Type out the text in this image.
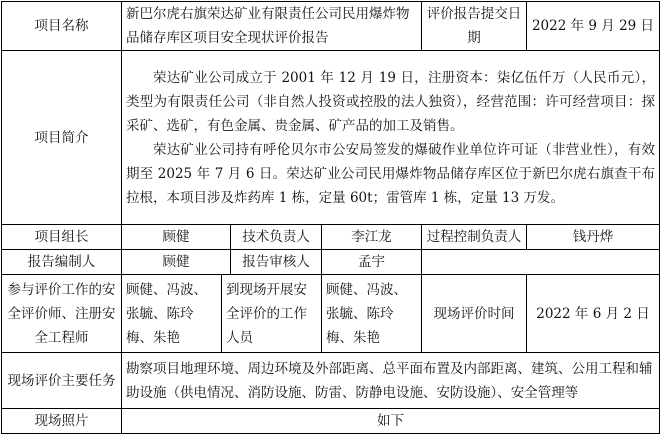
项目名称	新巴尔虎右旗荣达矿业有限责任公司民用爆炸物品储存库区项目安全现状评价报告				评价报告提交日期	2022 年 9 月 29 日
项目简介	荣达矿业公司成立于 2001 年 12 月 19 日，注册资本：柒亿伍仟万（人民币元），类型为有限责任公司（非自然人投资或控股的法人独资），经营范围：许可经营项目：探采矿、选矿，有色金属、贵金属、矿产品的加工及销售。

荣达矿业公司持有呼伦贝尔市公安局签发的爆破作业单位许可证（非营业性），有效期至 2025 年 7 月 6 日。荣达矿业公司民用爆炸物品储存库区位于新巴尔虎右旗查干布拉根，本项目涉及炸药库 1 栋，定量 60t；雷管库 1 栋，定量 13 万发。					

项目组长	顾健		技术负责人	李江龙	过程控制负责人	钱丹烨
报告编制人	顾健		报告审核人	孟宇		
参与评价工作的安全评价师、注册安全工程师	顾健、冯波、张毓、陈玲梅、朱艳	到现场开展安全评价的工作人员		顾健、冯波、张毓、陈玲梅、朱艳	现场评价时间	2022 年 6 月 2 日
现场评价主要任务	勘察项目地理环境、周边环境及外部距离、总平面布置及内部距离、建筑、公用工程和辅助设施（供电情况、消防设施、防雷、防静电设施、安防设施）、安全管理等					
现场照片	如下					
